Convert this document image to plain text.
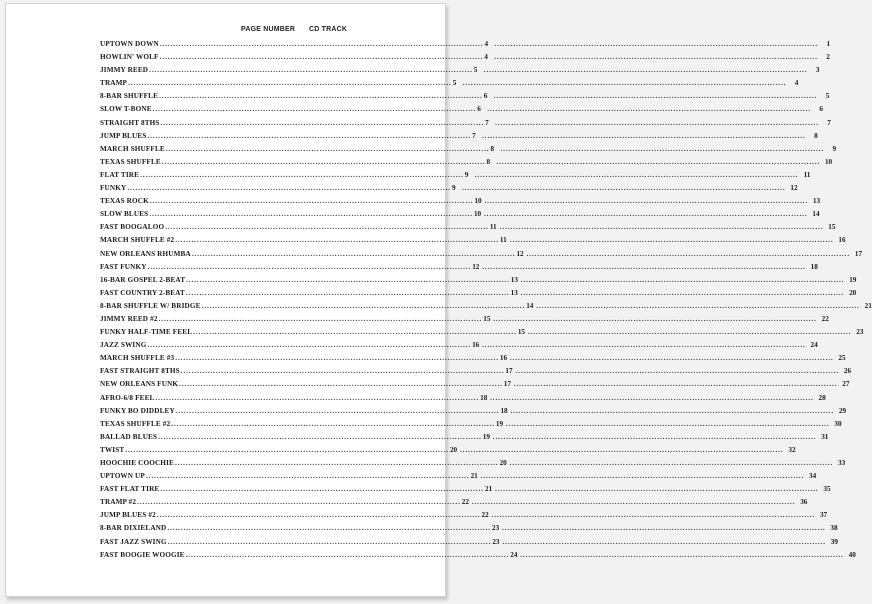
PAGE NUMBER CD TRACK
UPTOWN DOWN ........................................................................................................................ 4 ........................................................................................................................	1
HOWLIN' WOLF ........................................................................................................................ 4 ........................................................................................................................	2
JIMMY REED ........................................................................................................................ 5 ........................................................................................................................	3
TRAMP ........................................................................................................................ 5 ........................................................................................................................	4
8-BAR SHUFFLE ........................................................................................................................ 6 ........................................................................................................................	5
SLOW T-BONE ........................................................................................................................ 6 ........................................................................................................................	6
STRAIGHT 8THS ........................................................................................................................ 7 ........................................................................................................................	7
JUMP BLUES ........................................................................................................................ 7 ........................................................................................................................	8
MARCH SHUFFLE ........................................................................................................................ 8 ........................................................................................................................	9
TEXAS SHUFFLE ........................................................................................................................ 8 ........................................................................................................................ 10
FLAT TIRE ........................................................................................................................ 9 ........................................................................................................................ 11
FUNKY ........................................................................................................................ 9 ........................................................................................................................ 12
TEXAS ROCK ........................................................................................................................ 10 ........................................................................................................................ 13
SLOW BLUES ........................................................................................................................ 10 ........................................................................................................................ 14
FAST BOOGALOO ........................................................................................................................ 11 ........................................................................................................................ 15
MARCH SHUFFLE #2 ........................................................................................................................ 11 ........................................................................................................................ 16
NEW ORLEANS RHUMBA ........................................................................................................................ 12 ........................................................................................................................ 17
FAST FUNKY ........................................................................................................................ 12 ........................................................................................................................ 18
16-BAR GOSPEL 2-BEAT ........................................................................................................................ 13 ........................................................................................................................ 19
FAST COUNTRY 2-BEAT ........................................................................................................................ 13 ........................................................................................................................ 20
8-BAR SHUFFLE W/ BRIDGE ........................................................................................................................ 14 ........................................................................................................................ 21
JIMMY REED #2 ........................................................................................................................ 15 ........................................................................................................................ 22
FUNKY HALF-TIME FEEL ........................................................................................................................ 15 ........................................................................................................................ 23
JAZZ SWING ........................................................................................................................ 16 ........................................................................................................................ 24
MARCH SHUFFLE #3 ........................................................................................................................ 16 ........................................................................................................................ 25
FAST STRAIGHT 8THS ........................................................................................................................ 17 ........................................................................................................................ 26
NEW ORLEANS FUNK ........................................................................................................................ 17 ........................................................................................................................ 27
AFRO-6/8 FEEL ........................................................................................................................ 18 ........................................................................................................................ 28
FUNKY BO DIDDLEY ........................................................................................................................ 18 ........................................................................................................................ 29
TEXAS SHUFFLE #2 ........................................................................................................................ 19 ........................................................................................................................ 30
BALLAD BLUES ........................................................................................................................ 19 ........................................................................................................................ 31
TWIST ........................................................................................................................ 20 ........................................................................................................................ 32
HOOCHIE COOCHIE ........................................................................................................................ 20 ........................................................................................................................ 33
UPTOWN UP ........................................................................................................................ 21 ........................................................................................................................ 34
FAST FLAT TIRE ........................................................................................................................ 21 ........................................................................................................................ 35
TRAMP #2 ........................................................................................................................ 22 ........................................................................................................................ 36
JUMP BLUES #2 ........................................................................................................................ 22 ........................................................................................................................ 37
8-BAR DIXIELAND ........................................................................................................................ 23 ........................................................................................................................ 38
FAST JAZZ SWING ........................................................................................................................ 23 ........................................................................................................................ 39
FAST BOOGIE WOOGIE ........................................................................................................................ 24 ........................................................................................................................ 40
